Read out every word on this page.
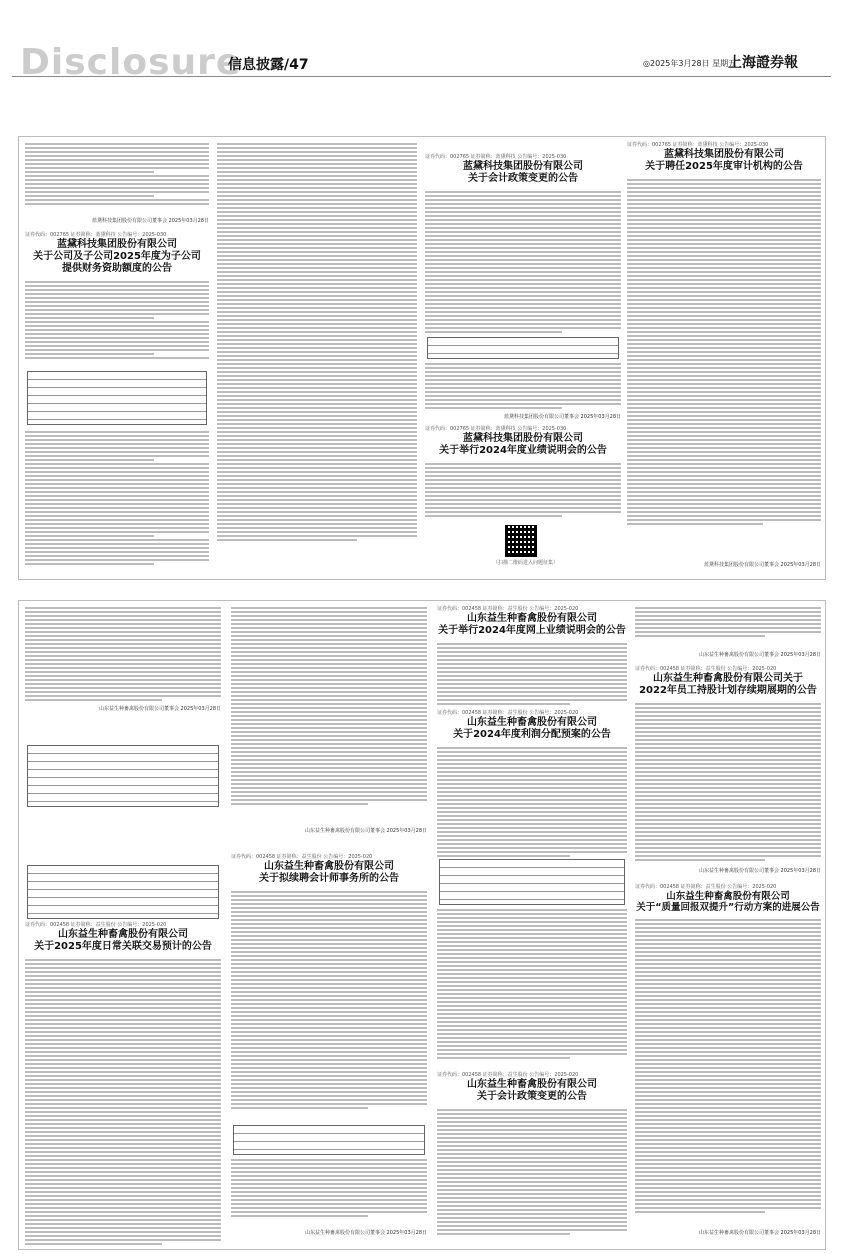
Disclosure
信息披露/47	◎2025年3月28日 星期五
上海證券報
蓝黛科技集团股份有限公司董事会 2025年03月28日
证券代码：002765 证券简称：蓝黛科技 公告编号：2025-030
蓝黛科技集团股份有限公司
关于公司及子公司2025年度为子公司
提供财务资助额度的公告
证券代码：002765 证券简称：蓝黛科技 公告编号：2025-030
蓝黛科技集团股份有限公司
关于会计政策变更的公告
蓝黛科技集团股份有限公司董事会 2025年03月28日
证券代码：002765 证券简称：蓝黛科技 公告编号：2025-030
蓝黛科技集团股份有限公司
关于举行2024年度业绩说明会的公告
（扫描二维码进入问题征集）
证券代码：002765 证券简称：蓝黛科技 公告编号：2025-030
蓝黛科技集团股份有限公司
关于聘任2025年度审计机构的公告
蓝黛科技集团股份有限公司董事会 2025年03月28日
山东益生种畜禽股份有限公司董事会 2025年03月28日
证券代码：002458 证券简称：益生股份 公告编号：2025-020
山东益生种畜禽股份有限公司
关于2025年度日常关联交易预计的公告
山东益生种畜禽股份有限公司董事会 2025年03月28日
证券代码：002458 证券简称：益生股份 公告编号：2025-020
山东益生种畜禽股份有限公司
关于拟续聘会计师事务所的公告
山东益生种畜禽股份有限公司董事会 2025年03月28日
证券代码：002458 证券简称：益生股份 公告编号：2025-020
山东益生种畜禽股份有限公司
关于举行2024年度网上业绩说明会的公告
证券代码：002458 证券简称：益生股份 公告编号：2025-020
山东益生种畜禽股份有限公司
关于2024年度利润分配预案的公告
证券代码：002458 证券简称：益生股份 公告编号：2025-020
山东益生种畜禽股份有限公司
关于会计政策变更的公告
山东益生种畜禽股份有限公司董事会 2025年03月28日
证券代码：002458 证券简称：益生股份 公告编号：2025-020
山东益生种畜禽股份有限公司关于
2022年员工持股计划存续期展期的公告
山东益生种畜禽股份有限公司董事会 2025年03月28日
证券代码：002458 证券简称：益生股份 公告编号：2025-020
山东益生种畜禽股份有限公司
关于“质量回报双提升”行动方案的进展公告
山东益生种畜禽股份有限公司董事会 2025年03月28日
